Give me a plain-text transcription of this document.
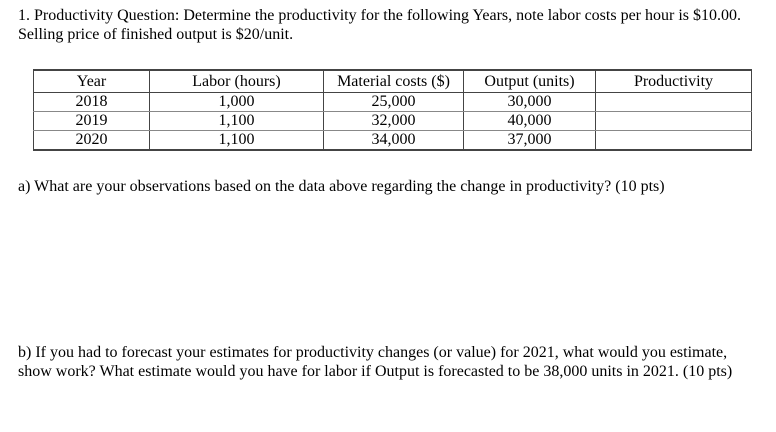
1. Productivity Question: Determine the productivity for the following Years, note labor costs per hour is $10.00. Selling price of finished output is $20/unit.

Year	Labor (hours)	Material costs ($)	Output (units)	Productivity
2018	1,000	25,000	30,000	
2019	1,100	32,000	40,000	
2020	1,100	34,000	37,000	

a) What are your observations based on the data above regarding the change in productivity? (10 pts)

b) If you had to forecast your estimates for productivity changes (or value) for 2021, what would you estimate, show work? What estimate would you have for labor if Output is forecasted to be 38,000 units in 2021. (10 pts)
